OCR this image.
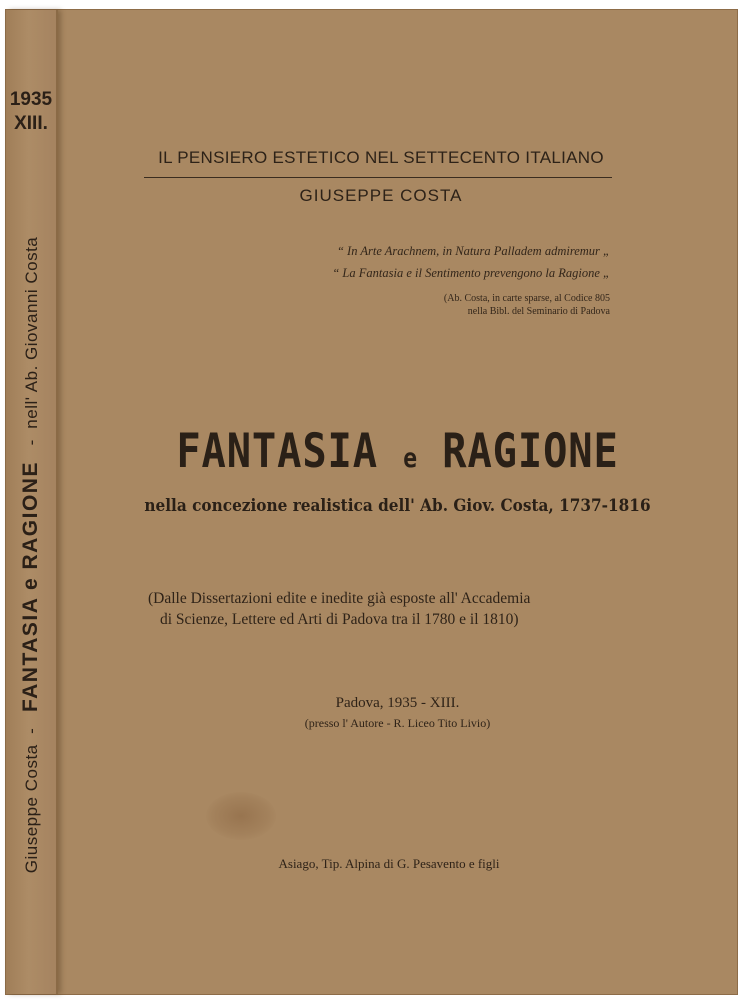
1935
XIII.
Giuseppe Costa  -   FANTASIA e RAGIONE   -  nell' Ab. Giovanni Costa
IL PENSIERO ESTETICO NEL SETTECENTO ITALIANO
GIUSEPPE COSTA
“ In Arte Arachnem, in Natura Palladem admiremur „
“ La Fantasia e il Sentimento prevengono la Ragione „
(Ab. Costa, in carte sparse, al Codice 805
nella Bibl. del Seminario di Padova
FANTASIA e RAGIONE
nella concezione realistica dell' Ab. Giov. Costa, 1737-1816
(Dalle Dissertazioni edite e inedite già esposte all' Accademia
di Scienze, Lettere ed Arti di Padova tra il 1780 e il 1810)
Padova, 1935 - XIII.
(presso l' Autore - R. Liceo Tito Livio)
Asiago, Tip. Alpina di G. Pesavento e figli
